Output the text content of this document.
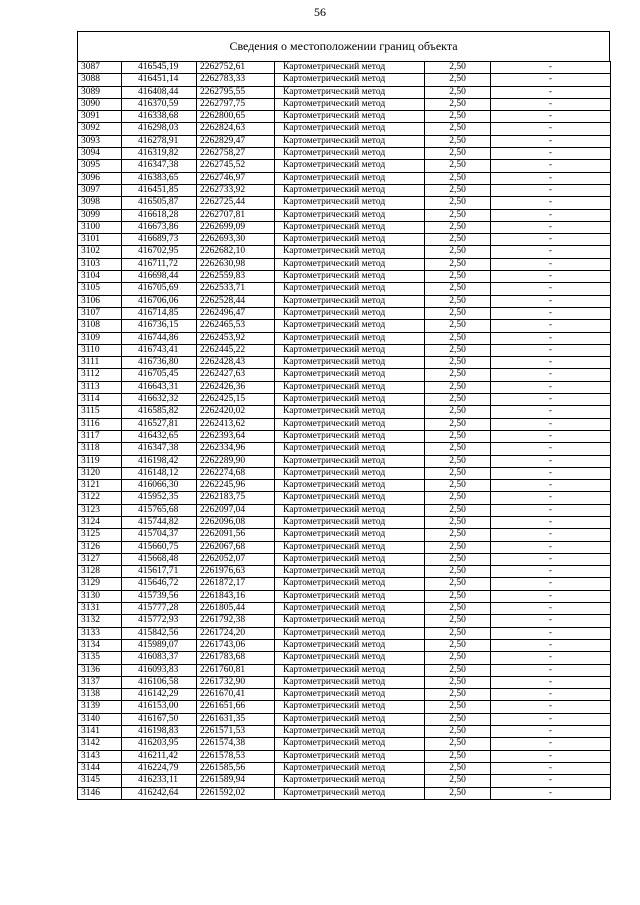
56
Сведения о местоположении границ объекта
3087	416545,19	2262752,61	Картометрический метод	2,50	-
3088	416451,14	2262783,33	Картометрический метод	2,50	-
3089	416408,44	2262795,55	Картометрический метод	2,50	-
3090	416370,59	2262797,75	Картометрический метод	2,50	-
3091	416338,68	2262800,65	Картометрический метод	2,50	-
3092	416298,03	2262824,63	Картометрический метод	2,50	-
3093	416278,91	2262829,47	Картометрический метод	2,50	-
3094	416319,82	2262758,27	Картометрический метод	2,50	-
3095	416347,38	2262745,52	Картометрический метод	2,50	-
3096	416383,65	2262746,97	Картометрический метод	2,50	-
3097	416451,85	2262733,92	Картометрический метод	2,50	-
3098	416505,87	2262725,44	Картометрический метод	2,50	-
3099	416618,28	2262707,81	Картометрический метод	2,50	-
3100	416673,86	2262699,09	Картометрический метод	2,50	-
3101	416689,73	2262693,30	Картометрический метод	2,50	-
3102	416702,95	2262682,10	Картометрический метод	2,50	-
3103	416711,72	2262630,98	Картометрический метод	2,50	-
3104	416698,44	2262559,83	Картометрический метод	2,50	-
3105	416705,69	2262533,71	Картометрический метод	2,50	-
3106	416706,06	2262528,44	Картометрический метод	2,50	-
3107	416714,85	2262496,47	Картометрический метод	2,50	-
3108	416736,15	2262465,53	Картометрический метод	2,50	-
3109	416744,86	2262453,92	Картометрический метод	2,50	-
3110	416743,41	2262445,22	Картометрический метод	2,50	-
3111	416736,80	2262428,43	Картометрический метод	2,50	-
3112	416705,45	2262427,63	Картометрический метод	2,50	-
3113	416643,31	2262426,36	Картометрический метод	2,50	-
3114	416632,32	2262425,15	Картометрический метод	2,50	-
3115	416585,82	2262420,02	Картометрический метод	2,50	-
3116	416527,81	2262413,62	Картометрический метод	2,50	-
3117	416432,65	2262393,64	Картометрический метод	2,50	-
3118	416347,38	2262334,96	Картометрический метод	2,50	-
3119	416198,42	2262289,90	Картометрический метод	2,50	-
3120	416148,12	2262274,68	Картометрический метод	2,50	-
3121	416066,30	2262245,96	Картометрический метод	2,50	-
3122	415952,35	2262183,75	Картометрический метод	2,50	-
3123	415765,68	2262097,04	Картометрический метод	2,50	-
3124	415744,82	2262096,08	Картометрический метод	2,50	-
3125	415704,37	2262091,56	Картометрический метод	2,50	-
3126	415660,75	2262067,68	Картометрический метод	2,50	-
3127	415668,48	2262052,07	Картометрический метод	2,50	-
3128	415617,71	2261976,63	Картометрический метод	2,50	-
3129	415646,72	2261872,17	Картометрический метод	2,50	-
3130	415739,56	2261843,16	Картометрический метод	2,50	-
3131	415777,28	2261805,44	Картометрический метод	2,50	-
3132	415772,93	2261792,38	Картометрический метод	2,50	-
3133	415842,56	2261724,20	Картометрический метод	2,50	-
3134	415989,07	2261743,06	Картометрический метод	2,50	-
3135	416083,37	2261783,68	Картометрический метод	2,50	-
3136	416093,83	2261760,81	Картометрический метод	2,50	-
3137	416106,58	2261732,90	Картометрический метод	2,50	-
3138	416142,29	2261670,41	Картометрический метод	2,50	-
3139	416153,00	2261651,66	Картометрический метод	2,50	-
3140	416167,50	2261631,35	Картометрический метод	2,50	-
3141	416198,83	2261571,53	Картометрический метод	2,50	-
3142	416203,95	2261574,38	Картометрический метод	2,50	-
3143	416211,42	2261578,53	Картометрический метод	2,50	-
3144	416224,79	2261585,56	Картометрический метод	2,50	-
3145	416233,11	2261589,94	Картометрический метод	2,50	-
3146	416242,64	2261592,02	Картометрический метод	2,50	-
